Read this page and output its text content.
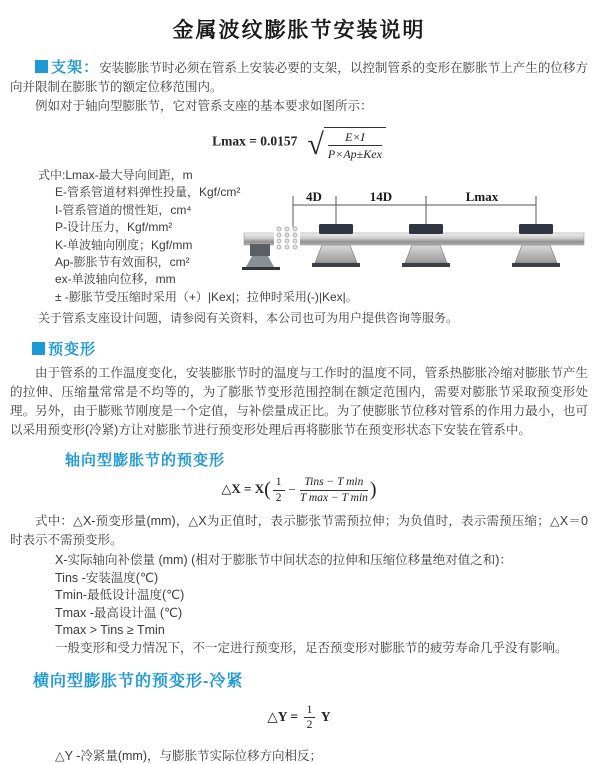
金属波纹膨胀节安装说明

支架：安装膨胀节时必须在管系上安装必要的支架，以控制管系的变形在膨胀节上产生的位移方向并限制在膨胀节的额定位移范围内。

例如对于轴向型膨胀节，它对管系支座的基本要求如图所示：

Lmax = 0.0157 √ $\frac{E\times I}{\text{P×Ap±Kex}}$
式中:Lmax-最大导向间距，m
E-管系管道材料弹性投量，Kgf/cm²
I-管系管道的惯性矩，cm⁴
P-设计压力，Kgf/mm²
K-单波轴向刚度；Kgf/mm
Ap-膨胀节有效面积，cm²
ex-单波轴向位移，mm
± -膨胀节受压缩时采用（+）|Kex|；拉伸时采用(-)|Kex|。
4D	14D	Lmax

关于管系支座设计问题，请参阅有关资料，本公司也可为用户提供咨询等服务。

预变形

由于管系的工作温度变化，安装膨胀节时的温度与工作时的温度不同，管系热膨胀冷缩对膨胀节产生的拉伸、压缩量常常是不均等的，为了膨胀节变形范围控制在额定范围内，需要对膨胀节采取预变形处理。另外，由于膨账节刚度是一个定值，与补偿量成正比。为了使膨胀节位移对管系的作用力最小，也可以采用预变形(冷紧)方让对膨胀节进行预变形处理后再将膨胀节在预变形状态下安装在管系中。

轴向型膨胀节的预变形
△X = $X( \frac{1}{2} - \frac{\text{Tins − T min}}{\text{T max − T min}}$ )

式中：△X-预变形量(mm)，△X为正值时，表示膨张节需预拉伸；为负值时，表示需预压缩；△X＝0时表示不需预变形。

X-实际轴向补偿量 (mm) (相对于膨胀节中间状态的拉伸和压缩位移量绝对值之和)：

Tins -安装温度(℃)

Tmin-最低设计温度(℃)

Tmax -最高设计温 (℃)

Tmax > Tins ≥ Tmin

一般变形和受力情况下，不一定进行预变形，足否预变形对膨胀节的疲劳寿命几乎没有影响。

横向型膨胀节的预变形-冷紧
△Y = $\frac{1}{2}$ Y

△Y -冷紧量(mm)，与膨胀节实际位移方向相反；
